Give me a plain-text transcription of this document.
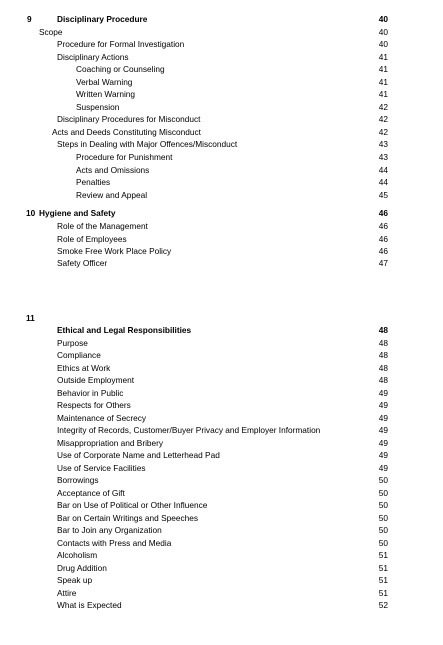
9	Disciplinary Procedure	40
Scope	40
Procedure for Formal Investigation	40
Disciplinary Actions	41
Coaching or Counseling	41
Verbal Warning	41
Written Warning	41
Suspension	42
Disciplinary Procedures for Misconduct	42
Acts and Deeds Constituting Misconduct	42
Steps in Dealing with Major Offences/Misconduct	43
Procedure for Punishment	43
Acts and Omissions	44
Penalties	44
Review and Appeal	45
10 Hygiene and Safety	46
Role of the Management	46
Role of Employees	46
Smoke Free Work Place Policy	46
Safety Officer	47
11
Ethical and Legal Responsibilities	48
Purpose	48
Compliance	48
Ethics at Work	48
Outside Employment	48
Behavior in Public	49
Respects for Others	49
Maintenance of Secrecy	49
Integrity of Records, Customer/Buyer Privacy and Employer Information	49
Misappropriation and Bribery	49
Use of Corporate Name and Letterhead Pad	49
Use of Service Facilities	49
Borrowings	50
Acceptance of Gift	50
Bar on Use of Political or Other Influence	50
Bar on Certain Writings and Speeches	50
Bar to Join any Organization	50
Contacts with Press and Media	50
Alcoholism	51
Drug Addition	51
Speak up	51
Attire	51
What is Expected	52
